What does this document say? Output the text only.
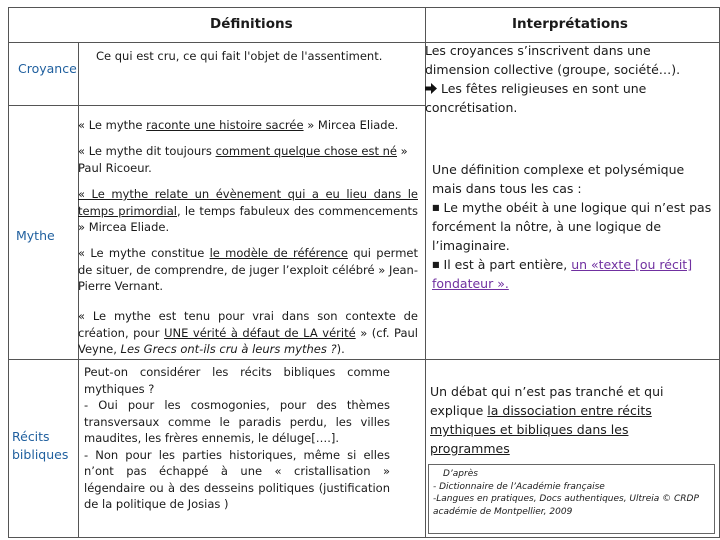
Définitions	Interprétations
Croyance
Ce qui est cru, ce qui fait l'objet de l'assentiment.	Les croyances s’inscrivent dans une dimension collective (groupe, société…).
Les fêtes religieuses en sont une concrétisation.
Mythe
« Le mythe raconte une histoire sacrée » Mircea Eliade.
« Le mythe dit toujours comment quelque chose est né » Paul Ricoeur.
« Le mythe relate un évènement qui a eu lieu dans le temps primordial, le temps fabuleux des commencements » Mircea Eliade.
« Le mythe constitue le modèle de référence qui permet de situer, de comprendre, de juger l’exploit célébré » Jean-Pierre Vernant.
« Le mythe est tenu pour vrai dans son contexte de création, pour UNE vérité à défaut de LA vérité » (cf. Paul Veyne, Les Grecs ont-ils cru à leurs mythes ?).
Une définition complexe et polysémique mais dans tous les cas :
■ Le mythe obéit à une logique qui n’est pas forcément la nôtre, à une logique de l’imaginaire.
■ Il est à part entière, un «texte [ou récit] fondateur ».
Récits
bibliques
Peut-on considérer les récits bibliques comme mythiques ?
- Oui pour les cosmogonies, pour des thèmes transversaux comme le paradis perdu, les villes maudites, les frères ennemis, le déluge[….].
- Non pour les parties historiques, même si elles n’ont pas échappé à une « cristallisation » légendaire ou à des desseins politiques (justification de la politique de Josias )
Un débat qui n’est pas tranché et qui explique la dissociation entre récits mythiques et bibliques dans les programmes
D’après
- Dictionnaire de l’Académie française
-Langues en pratiques, Docs authentiques, Ultreia © CRDP académie de Montpellier, 2009
